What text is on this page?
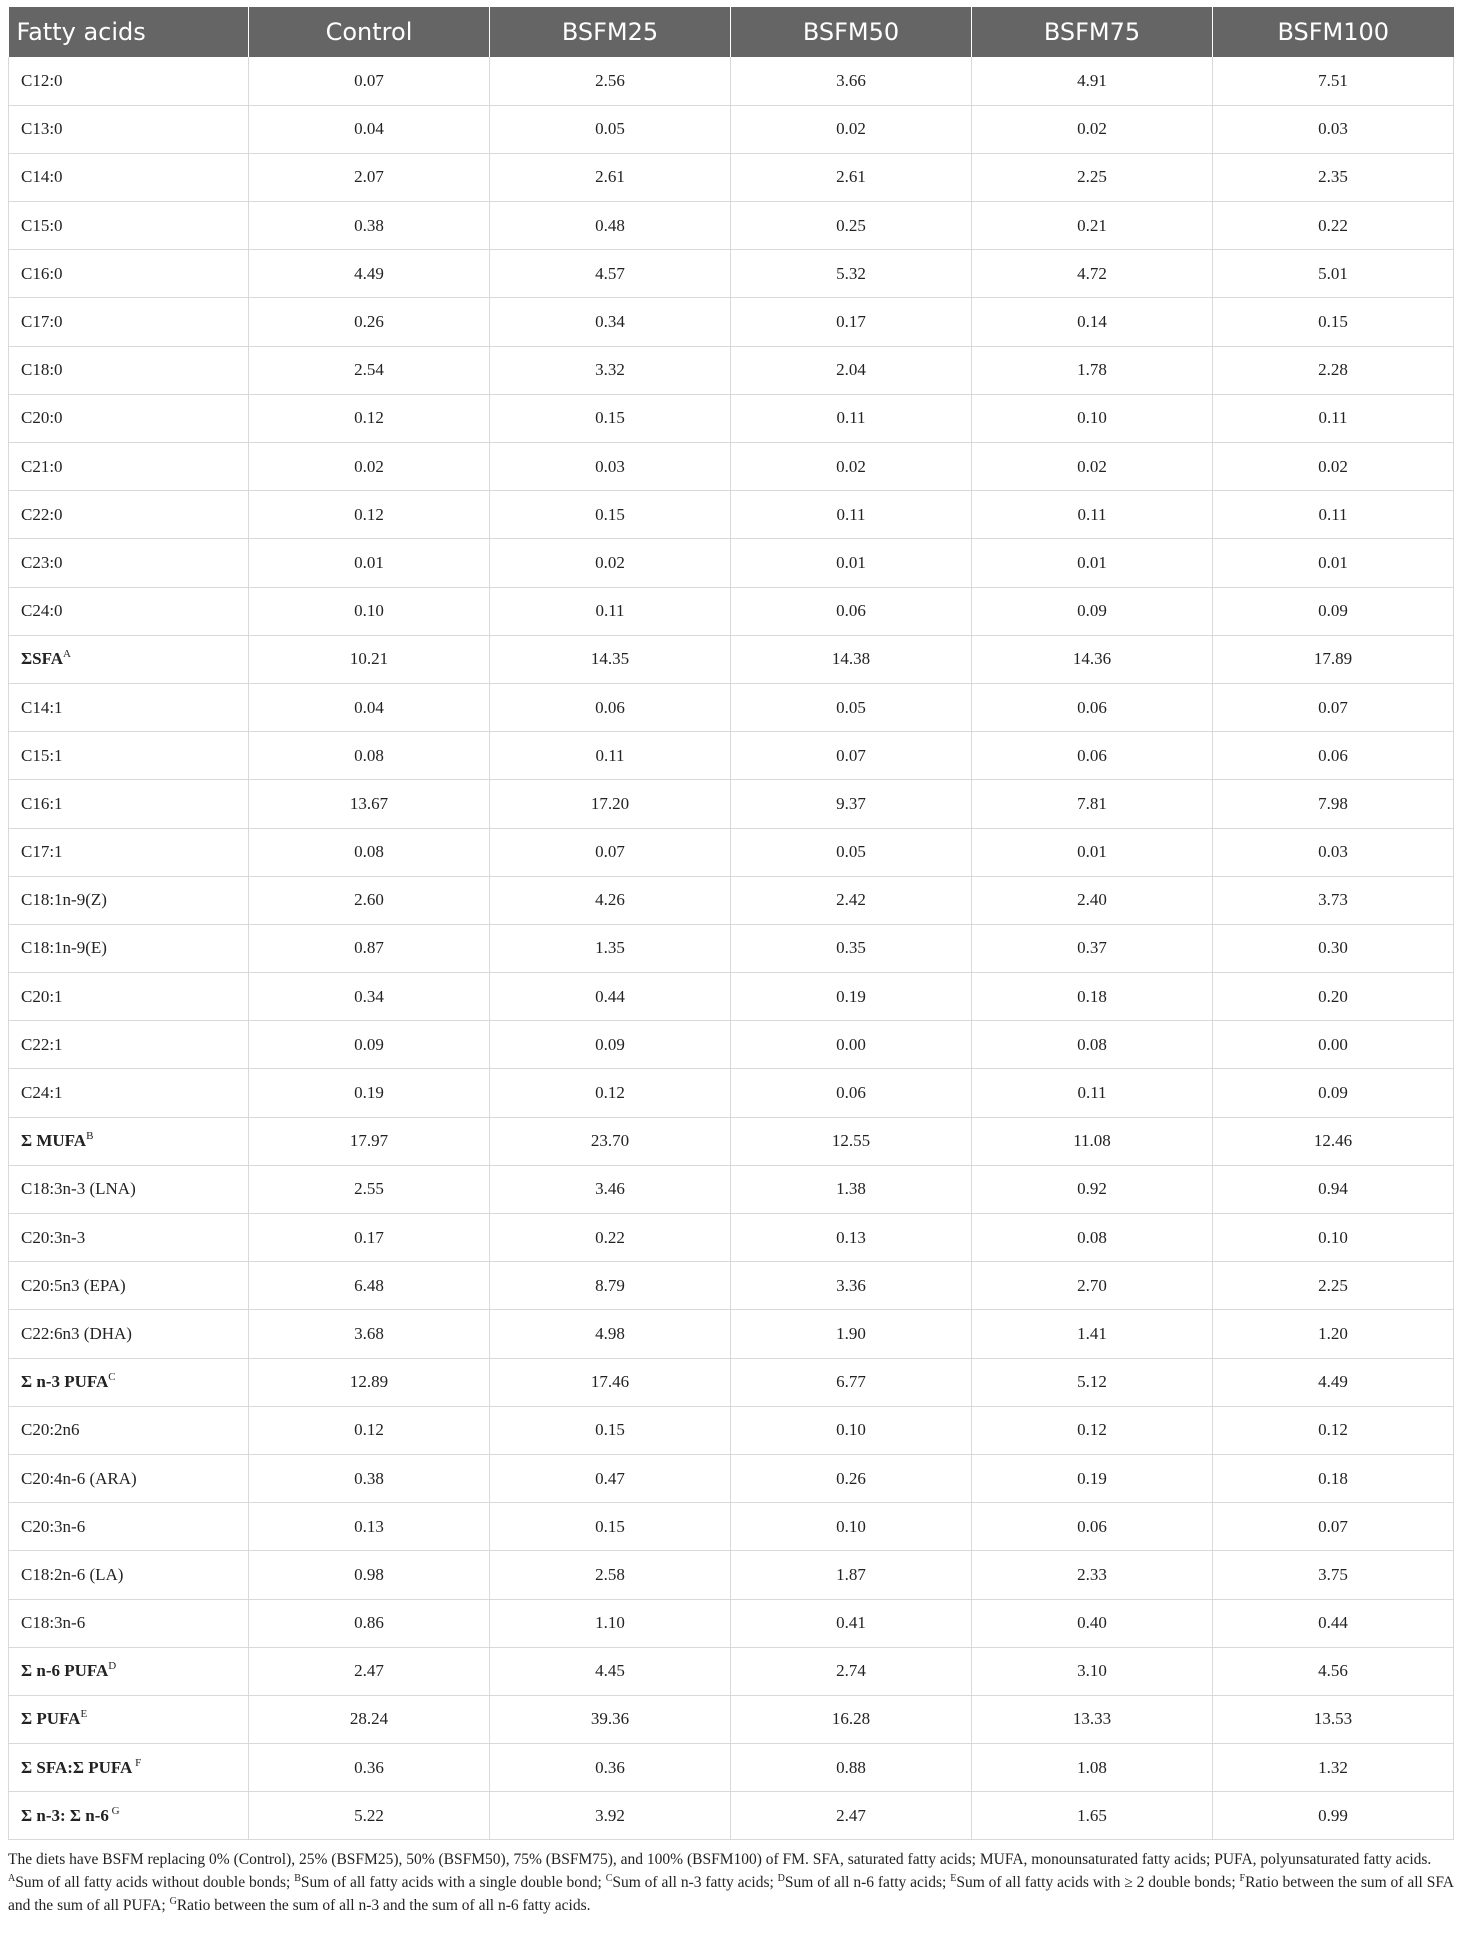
Fatty acids	Control	BSFM25	BSFM50	BSFM75	BSFM100
C12:0	0.07	2.56	3.66	4.91	7.51
C13:0	0.04	0.05	0.02	0.02	0.03
C14:0	2.07	2.61	2.61	2.25	2.35
C15:0	0.38	0.48	0.25	0.21	0.22
C16:0	4.49	4.57	5.32	4.72	5.01
C17:0	0.26	0.34	0.17	0.14	0.15
C18:0	2.54	3.32	2.04	1.78	2.28
C20:0	0.12	0.15	0.11	0.10	0.11
C21:0	0.02	0.03	0.02	0.02	0.02
C22:0	0.12	0.15	0.11	0.11	0.11
C23:0	0.01	0.02	0.01	0.01	0.01
C24:0	0.10	0.11	0.06	0.09	0.09
$\Sigma SFA^A$	10.21	14.35	14.38	14.36	17.89
C14:1	0.04	0.06	0.05	0.06	0.07
C15:1	0.08	0.11	0.07	0.06	0.06
C16:1	13.67	17.20	9.37	7.81	7.98
C17:1	0.08	0.07	0.05	0.01	0.03
C18:1n-9(Z)	2.60	4.26	2.42	2.40	3.73
C18:1n-9(E)	0.87	1.35	0.35	0.37	0.30
C20:1	0.34	0.44	0.19	0.18	0.20
C22:1	0.09	0.09	0.00	0.08	0.00
C24:1	0.19	0.12	0.06	0.11	0.09
Σ $MUFA^B$	17.97	23.70	12.55	11.08	12.46
C18:3n-3 (LNA)	2.55	3.46	1.38	0.92	0.94
C20:3n-3	0.17	0.22	0.13	0.08	0.10
C20:5n3 (EPA)	6.48	8.79	3.36	2.70	2.25
C22:6n3 (DHA)	3.68	4.98	1.90	1.41	1.20
Σ n-3 $PUFA^C$	12.89	17.46	6.77	5.12	4.49
C20:2n6	0.12	0.15	0.10	0.12	0.12
C20:4n-6 (ARA)	0.38	0.47	0.26	0.19	0.18
C20:3n-6	0.13	0.15	0.10	0.06	0.07
C18:2n-6 (LA)	0.98	2.58	1.87	2.33	3.75
C18:3n-6	0.86	1.10	0.41	0.40	0.44
Σ n-6 $PUFA^D$	2.47	4.45	2.74	3.10	4.56
Σ $PUFA^E$	28.24	39.36	16.28	13.33	13.53
Σ SFA:Σ PUFA $^F$	0.36	0.36	0.88	1.08	1.32
Σ n-3: Σ n-6 $^G$	5.22	3.92	2.47	1.65	0.99

The diets have BSFM replacing 0% (Control), 25% (BSFM25), 50% (BSFM50), 75% (BSFM75), and 100% (BSFM100) of FM. SFA, saturated fatty acids; MUFA, monounsaturated fatty acids; PUFA, polyunsaturated fatty acids. $^A$Sum of all fatty acids without double bonds; $^B$Sum of all fatty acids with a single double bond; $^C$Sum of all n-3 fatty acids; $^D$Sum of all n-6 fatty acids; $^E$Sum of all fatty acids with ≥ 2 double bonds; $^F$Ratio between the sum of all SFA and the sum of all PUFA; $^G$Ratio between the sum of all n-3 and the sum of all n-6 fatty acids.
